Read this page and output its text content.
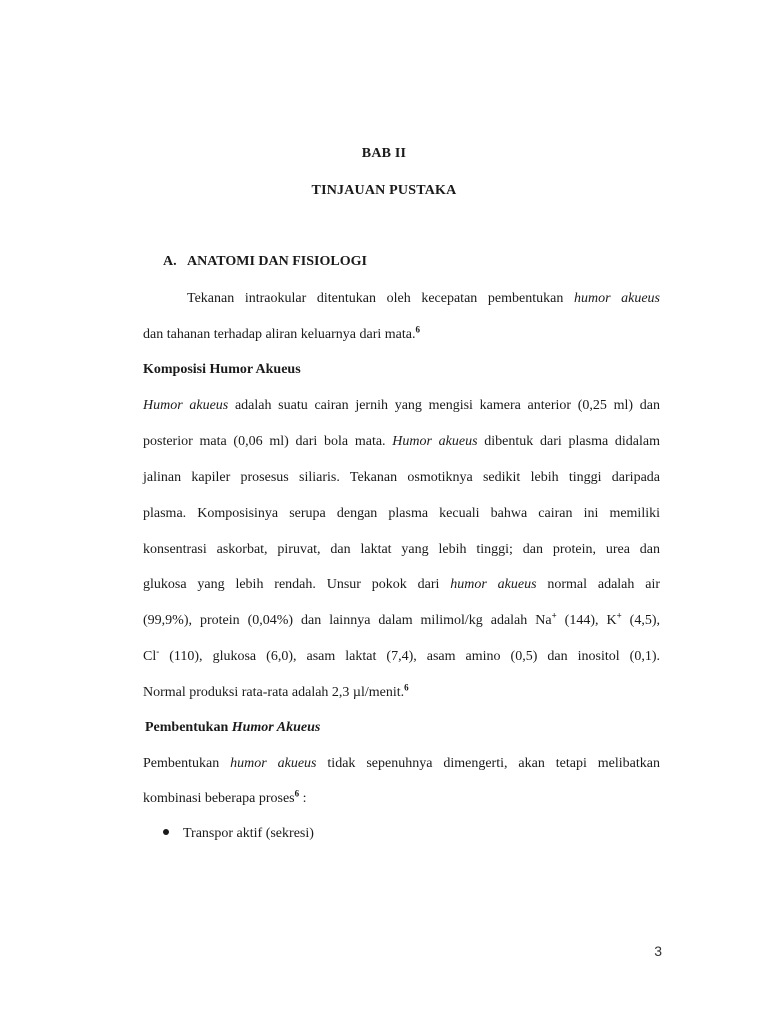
BAB II
TINJAUAN PUSTAKA
A. ANATOMI DAN FISIOLOGI
Tekanan intraokular ditentukan oleh kecepatan pembentukan humor akueus
dan tahanan terhadap aliran keluarnya dari mata.$^6$
Komposisi Humor Akueus
Humor akueus adalah suatu cairan jernih yang mengisi kamera anterior (0,25 ml) dan
posterior mata (0,06 ml) dari bola mata. Humor akueus dibentuk dari plasma didalam
jalinan kapiler prosesus siliaris. Tekanan osmotiknya sedikit lebih tinggi daripada
plasma. Komposisinya serupa dengan plasma kecuali bahwa cairan ini memiliki
konsentrasi askorbat, piruvat, dan laktat yang lebih tinggi; dan protein, urea dan
glukosa yang lebih rendah. Unsur pokok dari humor akueus normal adalah air
(99,9%), protein (0,04%) dan lainnya dalam milimol/kg adalah Na+ (144), K+ (4,5),
Cl- (110), glukosa (6,0), asam laktat (7,4), asam amino (0,5) dan inositol (0,1).
Normal produksi rata-rata adalah 2,3 µl/menit.$^6$
Pembentukan Humor Akueus
Pembentukan humor akueus tidak sepenuhnya dimengerti, akan tetapi melibatkan
kombinasi beberapa proses$^6$ :
Transpor aktif (sekresi)
3
